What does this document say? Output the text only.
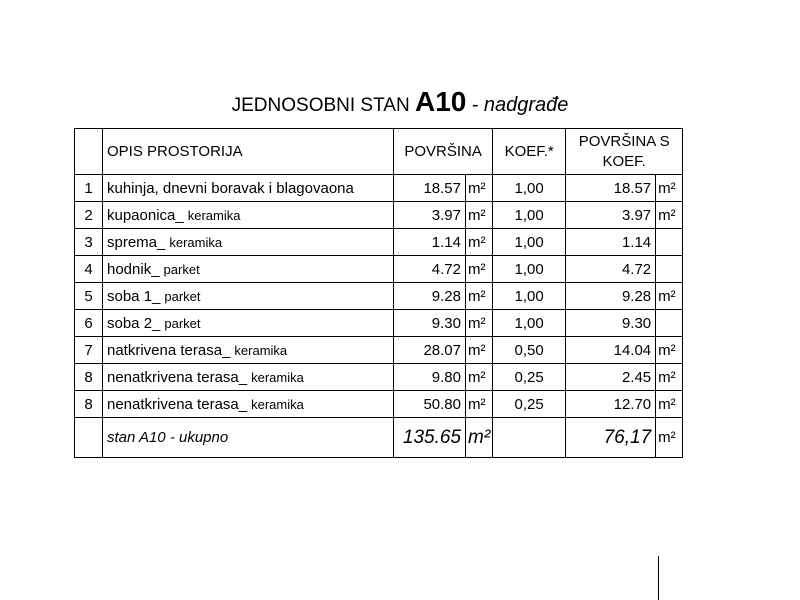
JEDNOSOBNI STAN A10 - nadgrađe
	OPIS PROSTORIJA	POVRŠINA		KOEF.*	POVRŠINA S KOEF.	
1	kuhinja, dnevni boravak i blagovaona	18.57	m²	1,00	18.57	m²
2	kupaonica_ keramika	3.97	m²	1,00	3.97	m²
3	sprema_ keramika	1.14	m²	1,00	1.14	
4	hodnik_ parket	4.72	m²	1,00	4.72	
5	soba 1_ parket	9.28	m²	1,00	9.28	m²
6	soba 2_ parket	9.30	m²	1,00	9.30	
7	natkrivena terasa_ keramika	28.07	m²	0,50	14.04	m²
8	nenatkrivena terasa_ keramika	9.80	m²	0,25	2.45	m²
8	nenatkrivena terasa_ keramika	50.80	m²	0,25	12.70	m²
	stan A10 - ukupno	135.65	m²		76,17	m²
